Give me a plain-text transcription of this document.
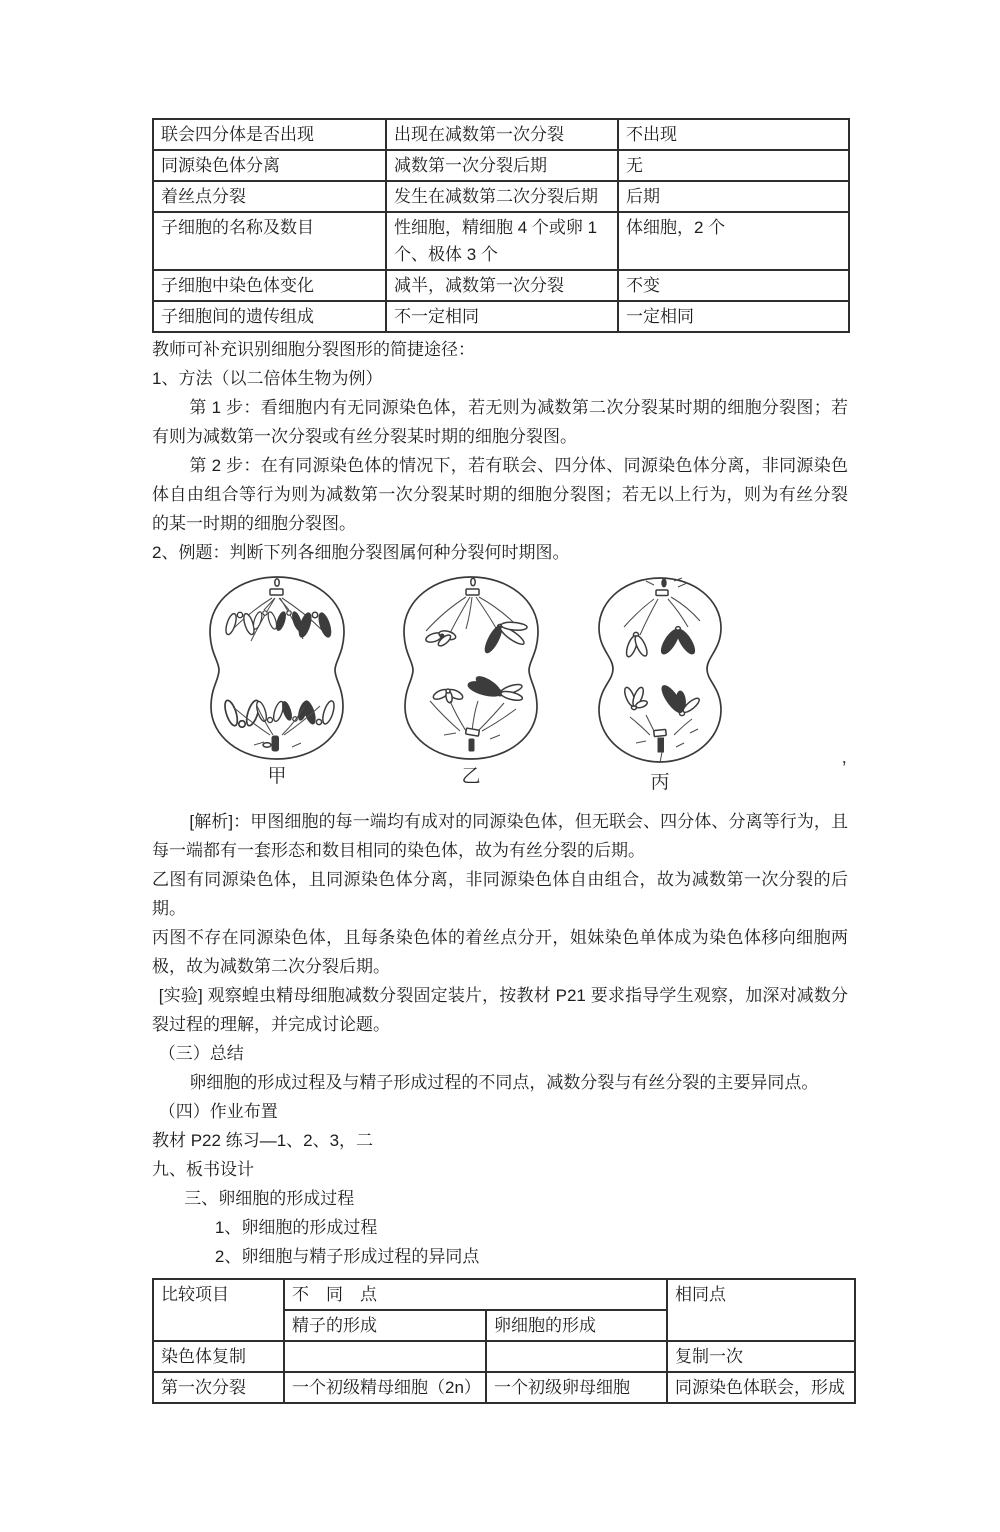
联会四分体是否出现	出现在减数第一次分裂	不出现
同源染色体分离	减数第一次分裂后期	无
着丝点分裂	发生在减数第二次分裂后期	后期
子细胞的名称及数目	性细胞，精细胞 4 个或卵 1 个、极体 3 个	体细胞，2 个
子细胞中染色体变化	减半，减数第一次分裂	不变
子细胞间的遗传组成	不一定相同	一定相同

教师可补充识别细胞分裂图形的简捷途径：

1、方法（以二倍体生物为例）

第 1 步：看细胞内有无同源染色体，若无则为减数第二次分裂某时期的细胞分裂图；若有则为减数第一次分裂或有丝分裂某时期的细胞分裂图。

第 2 步：在有同源染色体的情况下，若有联会、四分体、同源染色体分离，非同源染色体自由组合等行为则为减数第一次分裂某时期的细胞分裂图；若无以上行为，则为有丝分裂的某一时期的细胞分裂图。

2、例题：判断下列各细胞分裂图属何种分裂何时期图。

甲	乙	丙
’

[解析]：甲图细胞的每一端均有成对的同源染色体，但无联会、四分体、分离等行为，且每一端都有一套形态和数目相同的染色体，故为有丝分裂的后期。

乙图有同源染色体，且同源染色体分离，非同源染色体自由组合，故为减数第一次分裂的后期。

丙图不存在同源染色体，且每条染色体的着丝点分开，姐妹染色单体成为染色体移向细胞两极，故为减数第二次分裂后期。

[实验] 观察蝗虫精母细胞减数分裂固定装片，按教材 P21 要求指导学生观察，加深对减数分裂过程的理解，并完成讨论题。

（三）总结

卵细胞的形成过程及与精子形成过程的不同点，减数分裂与有丝分裂的主要异同点。

（四）作业布置

教材 P22 练习—1、2、3，二

九、板书设计

三、卵细胞的形成过程

1、卵细胞的形成过程

2、卵细胞与精子形成过程的异同点

比较项目	不　同　点		相同点
	精子的形成	卵细胞的形成	
染色体复制			复制一次
第一次分裂	一个初级精母细胞（2n）	一个初级卵母细胞	同源染色体联会，形成
